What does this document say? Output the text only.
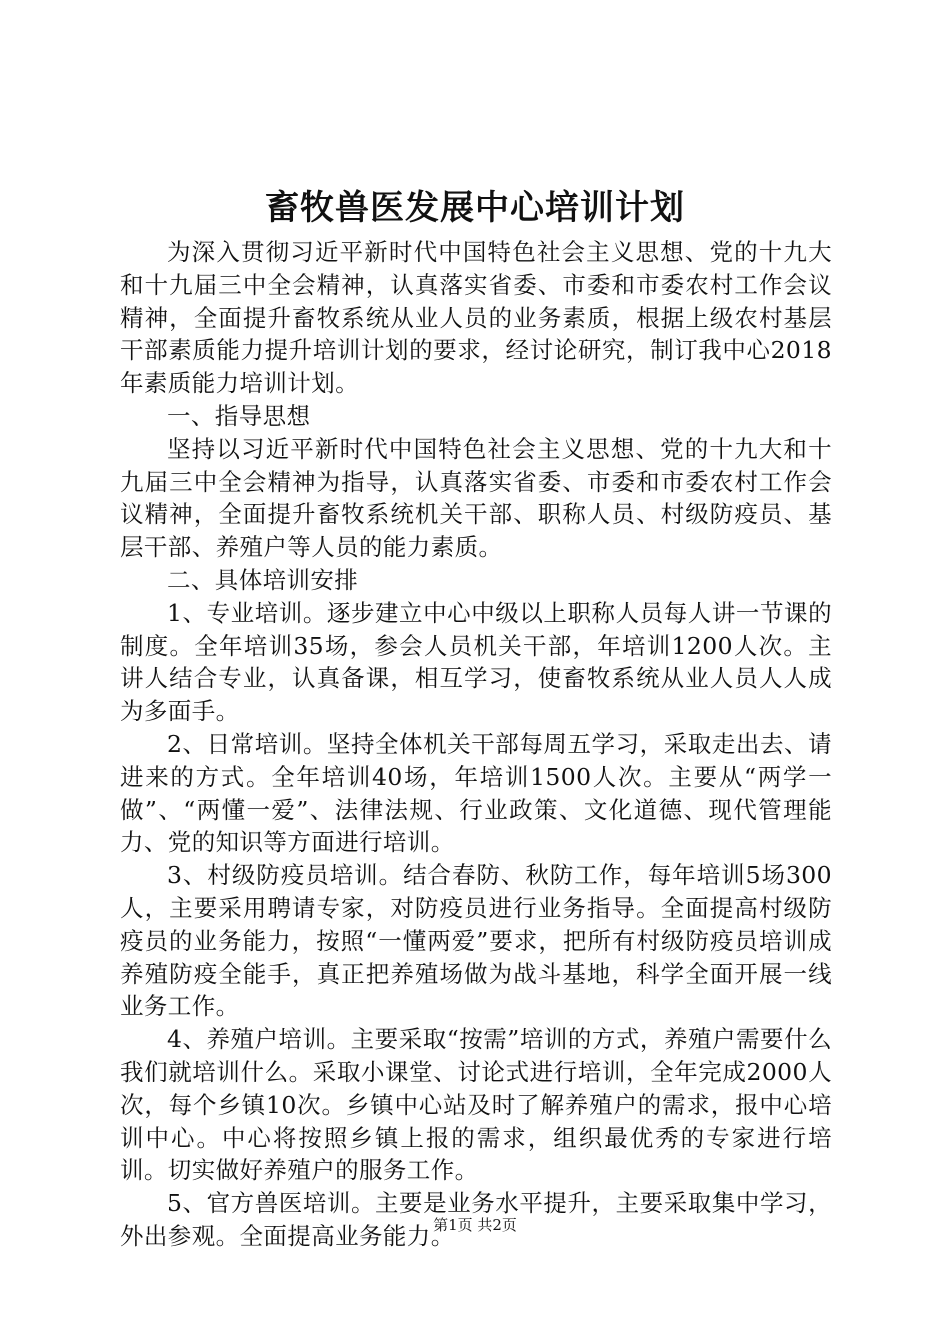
畜牧兽医发展中心培训计划

为深入贯彻习近平新时代中国特色社会主义思想、党的十九大和十九届三中全会精神，认真落实省委、市委和市委农村工作会议精神，全面提升畜牧系统从业人员的业务素质，根据上级农村基层干部素质能力提升培训计划的要求，经讨论研究，制订我中心2018年素质能力培训计划。

一、指导思想

坚持以习近平新时代中国特色社会主义思想、党的十九大和十九届三中全会精神为指导，认真落实省委、市委和市委农村工作会议精神，全面提升畜牧系统机关干部、职称人员、村级防疫员、基层干部、养殖户等人员的能力素质。

二、具体培训安排

1、专业培训。逐步建立中心中级以上职称人员每人讲一节课的制度。全年培训35场，参会人员机关干部，年培训1200人次。主讲人结合专业，认真备课，相互学习，使畜牧系统从业人员人人成为多面手。

2、日常培训。坚持全体机关干部每周五学习，采取走出去、请进来的方式。全年培训40场，年培训1500人次。主要从“两学一做”、“两懂一爱”、法律法规、行业政策、文化道德、现代管理能力、党的知识等方面进行培训。

3、村级防疫员培训。结合春防、秋防工作，每年培训5场300人，主要采用聘请专家，对防疫员进行业务指导。全面提高村级防疫员的业务能力，按照“一懂两爱”要求，把所有村级防疫员培训成养殖防疫全能手，真正把养殖场做为战斗基地，科学全面开展一线业务工作。

4、养殖户培训。主要采取“按需”培训的方式，养殖户需要什么我们就培训什么。采取小课堂、讨论式进行培训，全年完成2000人次，每个乡镇10次。乡镇中心站及时了解养殖户的需求，报中心培训中心。中心将按照乡镇上报的需求，组织最优秀的专家进行培训。切实做好养殖户的服务工作。

5、官方兽医培训。主要是业务水平提升，主要采取集中学习，外出参观。全面提高业务能力。

第1页 共2页
